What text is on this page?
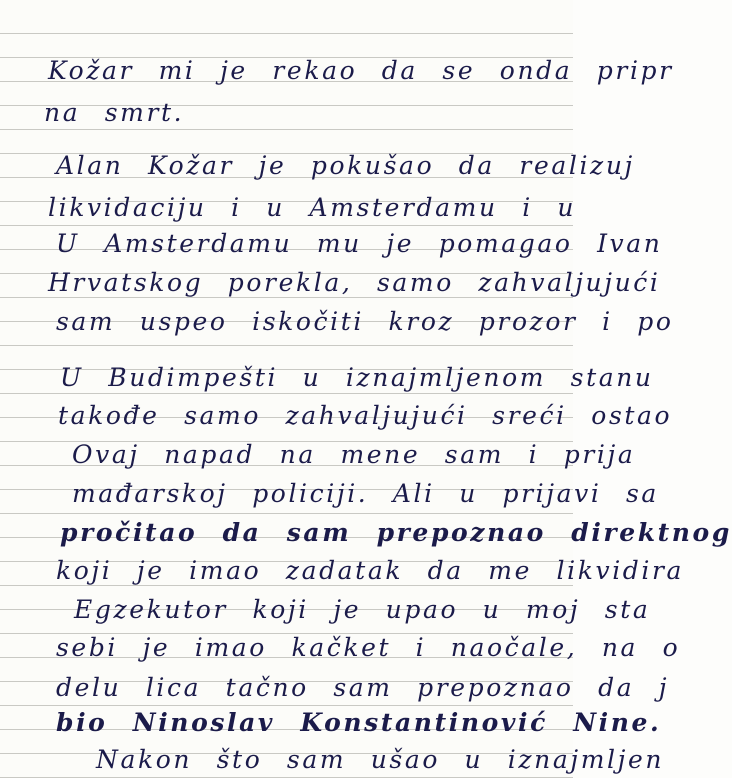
Kožar mi je rekao da se onda pripr
na smrt.
Alan Kožar je pokušao da realizuj
likvidaciju i u Amsterdamu i u
U Amsterdamu mu je pomagao Ivan
Hrvatskog porekla, samo zahvaljujući
sam uspeo iskočiti kroz prozor i po
U Budimpešti u iznajmljenom stanu
takođe samo zahvaljujući sreći ostao
Ovaj napad na mene sam i prija
mađarskoj policiji. Ali u prijavi sa
pročitao da sam prepoznao direktnog
koji je imao zadatak da me likvidira
Egzekutor koji je upao u moj sta
sebi je imao kačket i naočale, na o
delu lica tačno sam prepoznao da j
bio Ninoslav Konstantinović Nine.
Nakon što sam ušao u iznajmljen
